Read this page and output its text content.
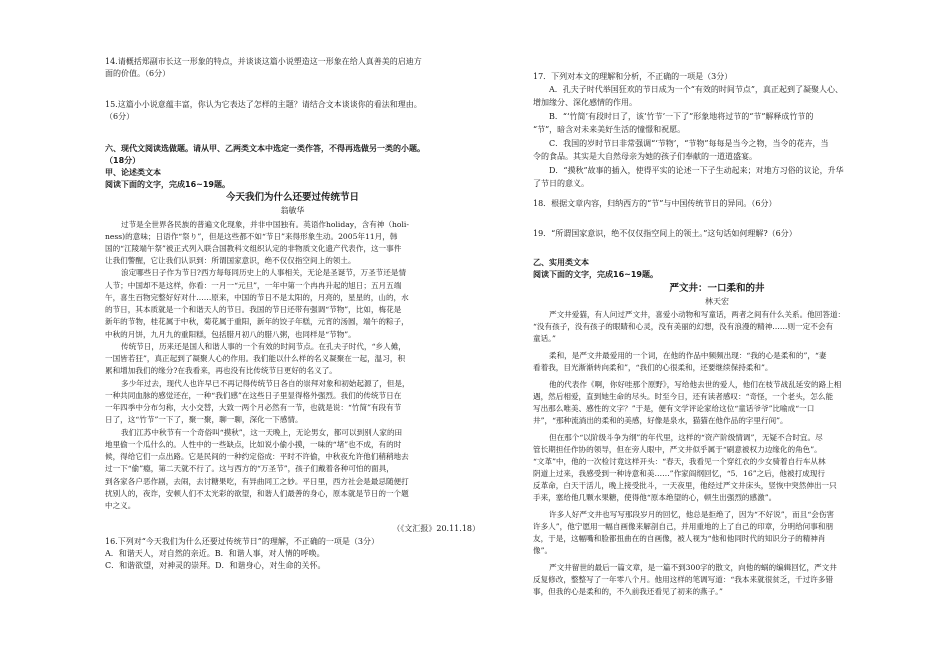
14.请概括郑副市长这一形象的特点，并谈谈这篇小说塑造这一形象在给人真善美的启迪方
面的价值。（6分）
15.这篇小小说意蕴丰富，你认为它表达了怎样的主题？请结合文本谈谈你的看法和理由。
（6分）
六、现代文阅读选做题。请从甲、乙两类文本中选定一类作答，不得再选做另一类的小题。
（18分）
甲、论述类文本
阅读下面的文字，完成16~19题。
今天我们为什么还要过传统节日
翁敏华
过节是全世界各民族的普遍文化现象，并非中国独有。英语作holiday，含有神（holi-
ness)的意味；日语作“祭り”，但是这些都不如“节日”来得形象生动。2005年11月，韩
国的“江陵端午祭”被正式列入联合国教科文组织认定的非物质文化遗产代表作，这一事件
让我们警醒，它让我们认识到：所谓国家意识，绝不仅仅指空间上的领土。
浪定哪些日子作为节日?西方每每同历史上的人事相关，无论是圣诞节，万圣节还是情
人节；中国却不是这样，你看：一月一“元旦”，一年中第一个冉冉升起的旭日；五月五端
午，喜生百物完整好好对什……原来，中国的节日不是太阳的，月亮的，星星的，山的，水
的节日，其本质就是一个和谐天人的节日。我国的节日还带有强调“节物”，比如，梅花是
新年的节物，桂花属于中秋，菊花属于重阳，新年的饺子年糕，元宵的汤圆，端午的粽子，
中秋的月饼，九月九的重阳糕，包括腊月初八的腊八粥，也同样是“节物”。
传统节日，历来还是国人和谐人事的一个有效的时间节点。在孔夫子时代，“乡人傩，
一国皆若狂”，真正起到了凝聚人心的作用。我们能以什么样的名义凝聚在一起，温习，积
累和增加我们的缘分?在我看来，再也没有比传统节日更好的名义了。
多少年过去，现代人也许早已不再记得传统节日各自的崇拜对象和初始起源了，但是，
一种共同血脉的感觉还在，一种“我们感”在这些日子里显得格外强烈。我们的传统节日在
一年四季中分布匀称，大小交替，大致一两个月必然有一节，也就是说：“竹简”有段有节
日了，这“竹节”一下了，聚一聚，聊一聊，深化一下感情。
我们江苏中秋节有一个奇俗叫“摸秋”，这一天晚上，无论男女，都可以到别人家的田
地里偷一个瓜什么的。人性中的一些缺点，比如说小偷小摸，一味的“堵”也不成，有的时
候，得给它们一点出路。它是民间的一种约定俗成：平时不许偷，中秋夜允许他们稍稍地去
过一下“偷”瘾，第二天就不行了。这与西方的“万圣节”，孩子们戴着各种可怕的面具，
到各家各户恶作剧，去闹，去讨糖果吃，有异曲同工之妙。平日里，西方社会是最忌随便打
扰别人的，夜诈，安顿人们不太光彩的欲望，和谐人们最善的身心，原本就是节日的一个题
中之义。
（《文汇报》20.11.18）
16.下列对“今天我们为什么还要过传统节日”的理解，不正确的一项是（3分）
A．和谐天人，对自然的亲近。B．和谐人事，对人情的呼唤。
C．和谐欲望，对神灵的崇拜。D．和谐身心，对生命的关怀。
17．下列对本文的理解和分析，不正确的一项是（3分）
A．孔夫子时代举国狂欢的节日成为一个“有效的时间节点”，真正起到了凝聚人心、
增加缘分、深化感情的作用。
B．“‘竹简’有段时日了，该‘竹节’一下了”形象地将过节的“节”解释成竹节的
“节”，暗含对未来美好生活的憧憬和祝愿。
C．我国的岁时节日非常强调“‘节物’，“节物”每每是当今之物，当令的花卉，当
令的食品。其实是大自然母亲为她的孩子们奉献的一道道盛宴。
D．“摸秋”故事的插入，使得平实的论述一下子生动起来；对地方习俗的议论，升华
了节日的意义。
18．根据文章内容，归纳西方的“节”与中国传统节日的异同。（6分）
19．“所谓国家意识，绝不仅仅指空间上的领土。”这句话如何理解?（6分）
乙、实用类文本
阅读下面的文字，完成16~19题。
严文井：一口柔和的井
林天宏
严文井爱猫，有人问过严文井，喜爱小动物和写童话，两者之间有什么关系。他回答道：
“没有孩子，没有孩子的眼睛和心灵，没有美丽的幻想，没有浪漫的精神……则一定不会有
童话。”
柔和，是严文井最爱用的一个词，在他的作品中频频出现：“我的心是柔和的”，“妻
看着我，目光渐渐转向柔和”，“我们的心很柔和，还要继续保持柔和”。
他的代表作《啊，你好哇那个原野》，写给他去世的爱人，他们在枝节战乱延安的路上相
遇，然后相爱，直到她生命的尽头。时至今日，还有读者感叹：“奇怪，一个老头，怎么能
写出那么唯美、感性的文字？”于是，便有文学评论家给这位“童话爷爷”比喻成“一口
井”，“那种流淌出的柔和的美感，好像是泉水，猫猫在他作品的字里行间”。
但在那个“以阶级斗争为纲”的年代里，这样的“资产阶级情调”，无疑不合时宜。尽
管长期担任作协的领导，但在旁人眼中，严文井似乎属于“刷意被权力边缘化的角色”。
“文革”中，他的一次检讨竟这样开头：“春天，我看见一个穿红衣的少女骑着自行车从林
阴道上过来，我感受到一种诗意和美……”作家阎纲回忆，“5．16”之后，他被打成现行
反革命，白天干活儿，晚上接受批斗，一天夜里，他经过严文井床头，竖恢中突然伸出一只
手来，塞给他几颗水果糖，使得他“原本绝望的心，顿生出强烈的感激”。
许多人好严文井也写写那段岁月的回忆，他总是拒绝了，因为“不好说”，而且“会伤害
许多人”，他宁愿用一幅自画像来解剖自己，并用重地的上了自己的印章，分明给问事和朋
友，于是，这幅嘴和脸都扭曲在的自画像，被人视为“他和他同时代的知识分子的精神肖
像”。
严文井留世的最后一篇文章，是一篇不到300字的散文，向他的蜗的编辑回忆，严文井
反复修改，整整写了一年零八个月。他用这样的笔调写道：“我本来就很贫乏，千过许多错
事，但我的心是柔和的，不久前我还看见了初来的燕子。”
